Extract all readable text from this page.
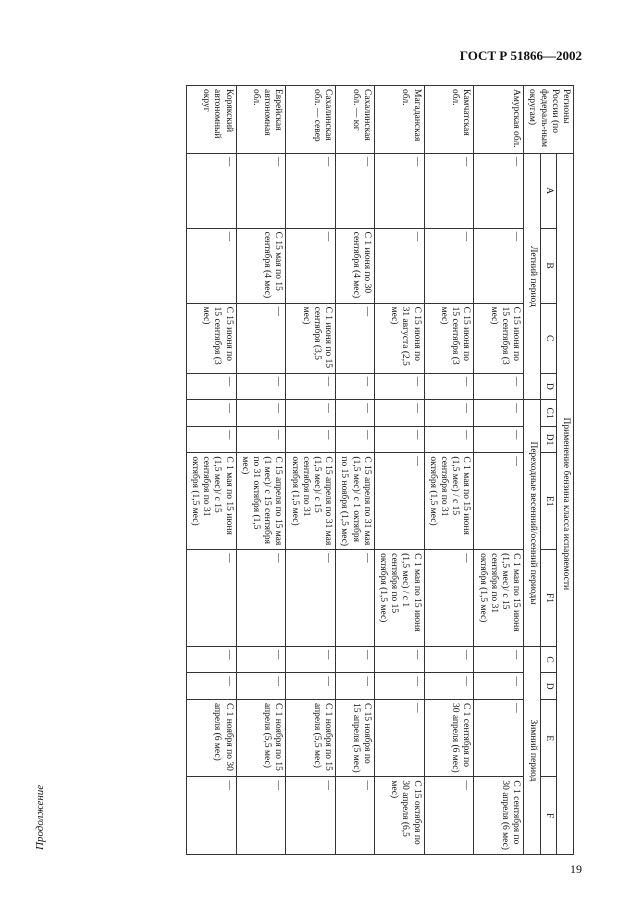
ГОСТ Р 51866—2002
Продолжение
19
Регионы России (по федераль-ным округам)	Применение бензина класса испаряемости											
	A	B	C	D	C1	D1	E1	F1	C	D	E	F
	Летний период				Переходные весенний/осенний периоды				Зимний период			
Амурская обл.	—	—	С 15 июня по 15 сентября (3 мес)	—	—	—	—	С 1 мая по 15 июня (1,5 мес)/ с 15 сентября по 31 октября (1,5 мес)	—	—	—	С 1 сентября по 30 апреля (6 мес)
Камчатская обл.	—	—	С 15 июня по 15 сентября (3 мес)	—	—	—	С 1 мая по 15 июня (1,5 мес) / с 15 сентября по 31 октября (1,5 мес)	—	—	—	С 1 сентября по 30 апреля (6 мес)	—
Магаданская обл.	—	—	С 15 июня по 31 августа (2,5 мес)	—	—	—	—	С 1 мая по 15 июня (1,5 мес) / с 1 сентября по 15 октября (1,5 мес)	—	—	—	С 15 октября по 30 апреля (6,5 мес)
Сахалинская обл. — юг	—	С 1 июня по 30 сентября (4 мес)	—	—	—	—	С 15 апреля по 31 мая (1,5 мес)/ с 1 октября по 15 ноября (1,5 мес)	—	—	—	С 15 ноября по 15 апреля (5 мес)	—
Сахалинская обл. — север	—	—	С 1 июня по 15 сентября (3,5 мес)	—	—	—	С 15 апреля по 31 мая (1,5 мес)/ с 15 сентября по 31 октября (1,5 мес)	—	—	—	С 1 ноября по 15 апреля (5,5 мес)	—
Еврейская автономная обл.	—	С 15 мая по 15 сентября (4 мес)	—	—	—	—	С 15 апреля по 15 мая (1 мес)/ с 15 сентября по 31 октября (1,5 мес)	—	—	—	С 1 ноября по 15 апреля (5,5 мес)	—
Корякский автономный округ	—	—	С 15 июня по 15 сентября (3 мес)	—	—	—	С 1 мая по 15 июня (1,5 мес)/ с 15 сентября по 31 октября (1,5 мес)	—	—	—	С 1 ноября по 30 апреля (6 мес)	—
